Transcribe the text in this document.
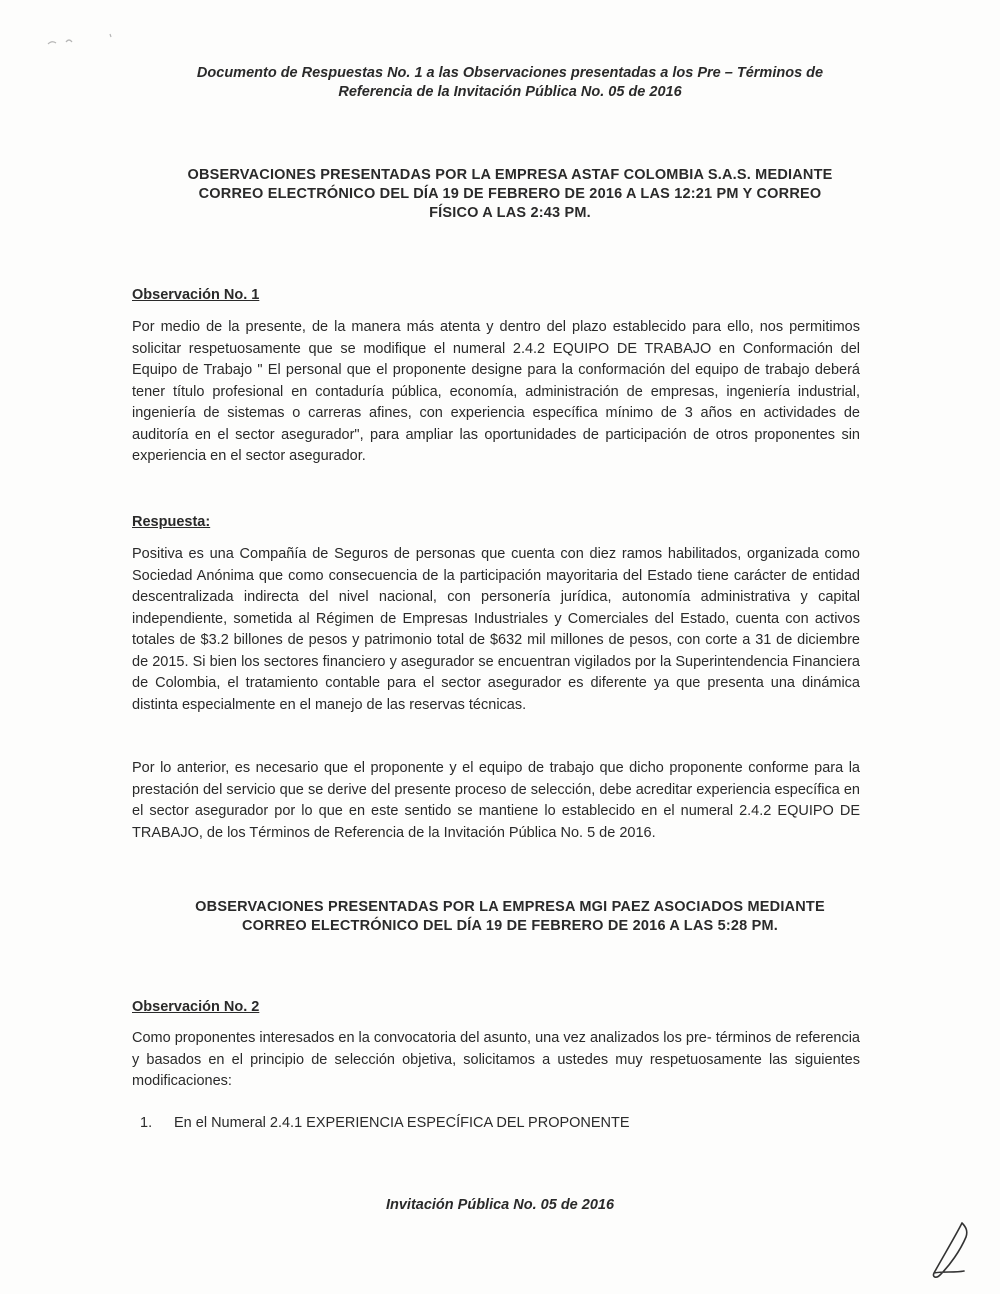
Documento de Respuestas No. 1 a las Observaciones presentadas a los Pre – Términos de
Referencia de la Invitación Pública No. 05 de 2016
OBSERVACIONES PRESENTADAS POR LA EMPRESA ASTAF COLOMBIA S.A.S. MEDIANTE
CORREO ELECTRÓNICO DEL DÍA 19 DE FEBRERO DE 2016 A LAS 12:21 PM Y CORREO
FÍSICO A LAS 2:43 PM.
Observación No. 1
Por medio de la presente, de la manera más atenta y dentro del plazo establecido para ello, nos permitimos solicitar respetuosamente que se modifique el numeral 2.4.2 EQUIPO DE TRABAJO en Conformación del Equipo de Trabajo " El personal que el proponente designe para la conformación del equipo de trabajo deberá tener título profesional en contaduría pública, economía, administración de empresas, ingeniería industrial, ingeniería de sistemas o carreras afines, con experiencia específica mínimo de 3 años en actividades de auditoría en el sector asegurador", para ampliar las oportunidades de participación de otros proponentes sin experiencia en el sector asegurador.
Respuesta:
Positiva es una Compañía de Seguros de personas que cuenta con diez ramos habilitados, organizada como Sociedad Anónima que como consecuencia de la participación mayoritaria del Estado tiene carácter de entidad descentralizada indirecta del nivel nacional, con personería jurídica, autonomía administrativa y capital independiente, sometida al Régimen de Empresas Industriales y Comerciales del Estado, cuenta con activos totales de $3.2 billones de pesos y patrimonio total de $632 mil millones de pesos, con corte a 31 de diciembre de 2015. Si bien los sectores financiero y asegurador se encuentran vigilados por la Superintendencia Financiera de Colombia, el tratamiento contable para el sector asegurador es diferente ya que presenta una dinámica distinta especialmente en el manejo de las reservas técnicas.
Por lo anterior, es necesario que el proponente y el equipo de trabajo que dicho proponente conforme para la prestación del servicio que se derive del presente proceso de selección, debe acreditar experiencia específica en el sector asegurador por lo que en este sentido se mantiene lo establecido en el numeral 2.4.2 EQUIPO DE TRABAJO, de los Términos de Referencia de la Invitación Pública No. 5 de 2016.
OBSERVACIONES PRESENTADAS POR LA EMPRESA MGI PAEZ ASOCIADOS MEDIANTE
CORREO ELECTRÓNICO DEL DÍA 19 DE FEBRERO DE 2016 A LAS 5:28 PM.
Observación No. 2
Como proponentes interesados en la convocatoria del asunto, una vez analizados los pre- términos de referencia y basados en el principio de selección objetiva, solicitamos a ustedes muy respetuosamente las siguientes modificaciones:
1. En el Numeral 2.4.1 EXPERIENCIA ESPECÍFICA DEL PROPONENTE
Invitación Pública No. 05 de 2016
